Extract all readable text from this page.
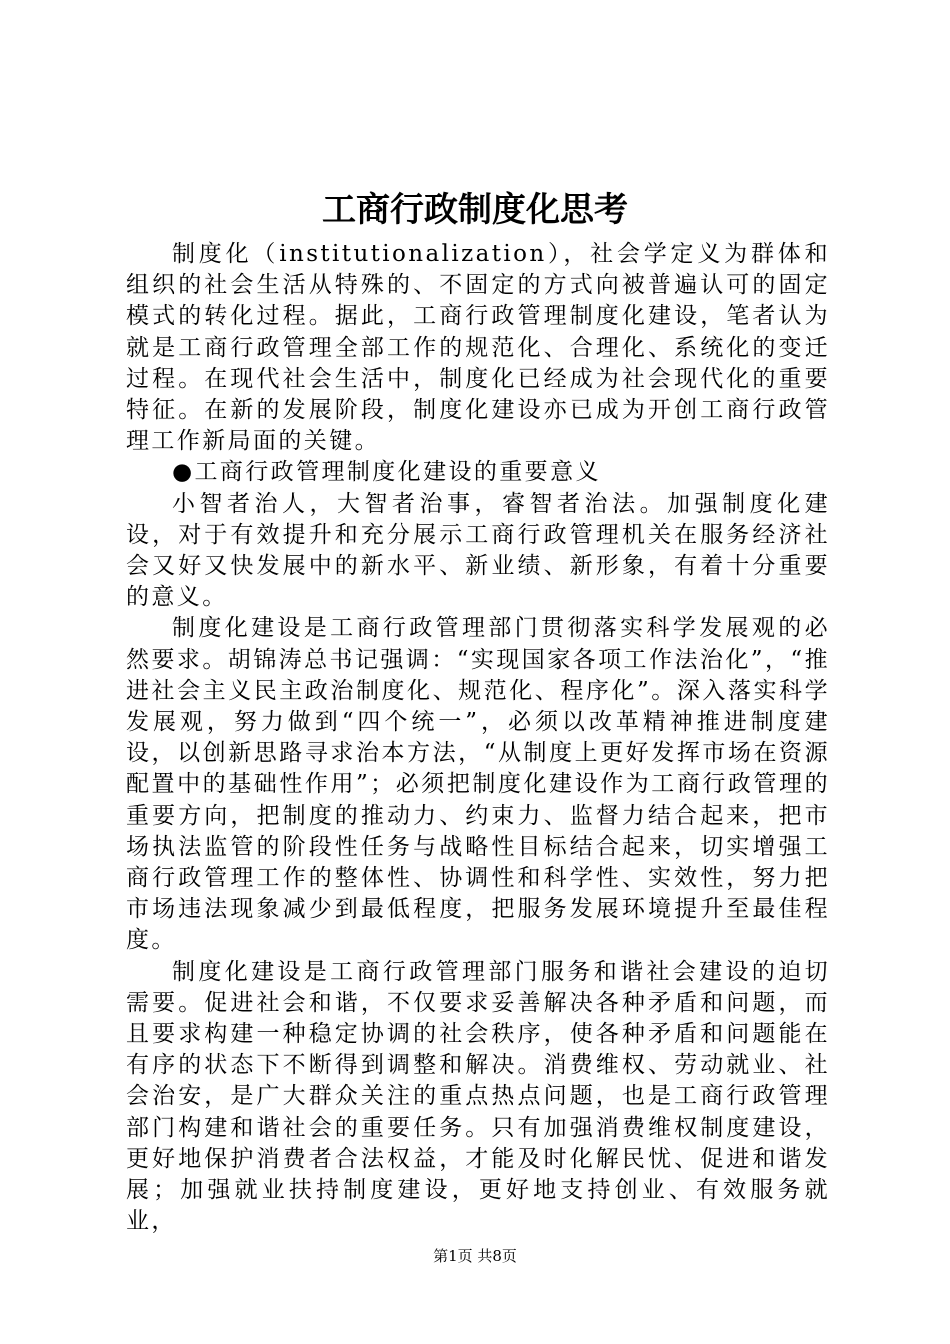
工商行政制度化思考

制度化（institutionalization），社会学定义为群体和组织的社会生活从特殊的、不固定的方式向被普遍认可的固定模式的转化过程。据此，工商行政管理制度化建设，笔者认为就是工商行政管理全部工作的规范化、合理化、系统化的变迁过程。在现代社会生活中，制度化已经成为社会现代化的重要特征。在新的发展阶段，制度化建设亦已成为开创工商行政管理工作新局面的关键。

●工商行政管理制度化建设的重要意义

小智者治人，大智者治事，睿智者治法。加强制度化建设，对于有效提升和充分展示工商行政管理机关在服务经济社会又好又快发展中的新水平、新业绩、新形象，有着十分重要的意义。

制度化建设是工商行政管理部门贯彻落实科学发展观的必然要求。胡锦涛总书记强调：“实现国家各项工作法治化”，“推进社会主义民主政治制度化、规范化、程序化”。深入落实科学发展观，努力做到“四个统一”，必须以改革精神推进制度建设，以创新思路寻求治本方法，“从制度上更好发挥市场在资源配置中的基础性作用”；必须把制度化建设作为工商行政管理的重要方向，把制度的推动力、约束力、监督力结合起来，把市场执法监管的阶段性任务与战略性目标结合起来，切实增强工商行政管理工作的整体性、协调性和科学性、实效性，努力把市场违法现象减少到最低程度，把服务发展环境提升至最佳程度。

制度化建设是工商行政管理部门服务和谐社会建设的迫切需要。促进社会和谐，不仅要求妥善解决各种矛盾和问题，而且要求构建一种稳定协调的社会秩序，使各种矛盾和问题能在有序的状态下不断得到调整和解决。消费维权、劳动就业、社会治安，是广大群众关注的重点热点问题，也是工商行政管理部门构建和谐社会的重要任务。只有加强消费维权制度建设，更好地保护消费者合法权益，才能及时化解民忧、促进和谐发展；加强就业扶持制度建设，更好地支持创业、有效服务就业，

第1页 共8页
